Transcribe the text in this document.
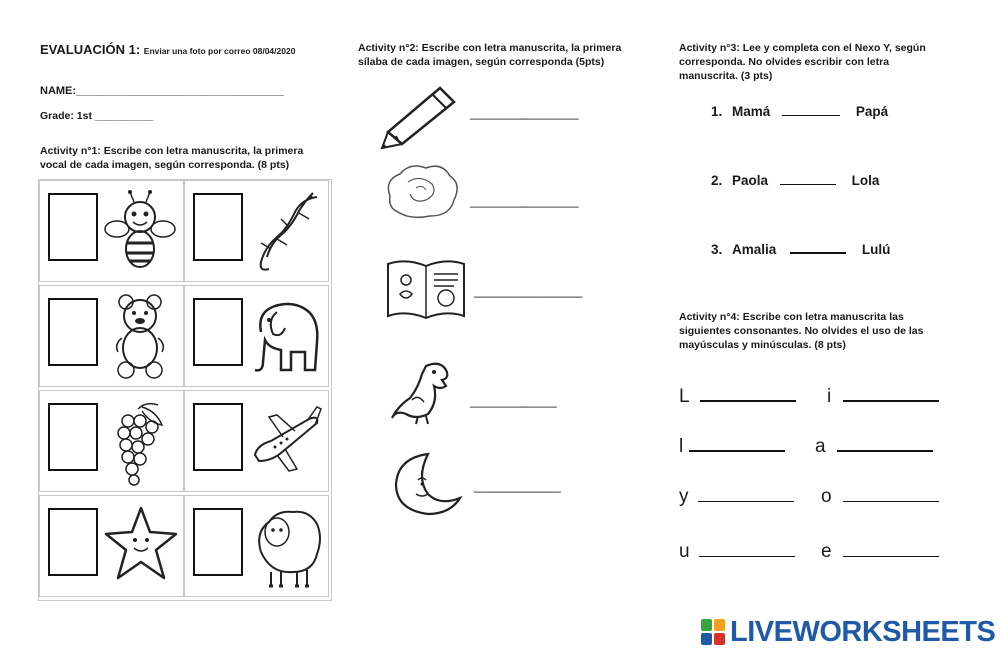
EVALUACIÓN 1: Enviar una foto por correo 08/04/2020
NAME:__________________________________
Grade: 1st __________
Activity n°1: Escribe con letra manuscrita, la primera
vocal de cada imagen, según corresponda. (8 pts)
Activity n°2: Escribe con letra manuscrita, la primera
sílaba de cada imagen, según corresponda (5pts)
_______________
_______________
_______________
____________
____________
Activity n°3: Lee y completa con el Nexo Y, según
corresponda. No olvides escribir con letra
manuscrita. (3 pts)
1. Mamá	Papá
2. Paola	Lola
3. Amalia	Lulú
Activity n°4: Escribe con letra manuscrita las
siguientes consonantes. No olvides el uso de las
mayúsculas y minúsculas. (8 pts)
L	i
l	a
y	o
u	e
LIVEWORKSHEETS
